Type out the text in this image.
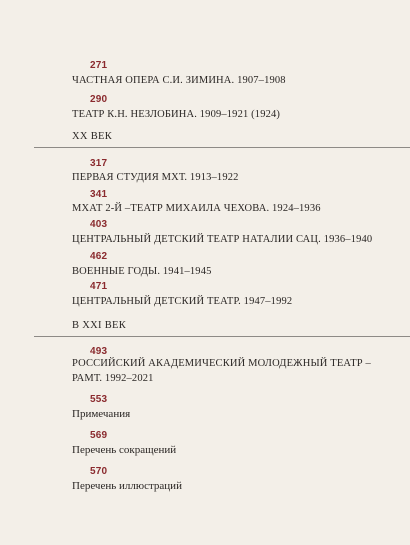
271
ЧАСТНАЯ ОПЕРА С.И. ЗИМИНА. 1907–1908
290
ТЕАТР К.Н. НЕЗЛОБИНА. 1909–1921 (1924)
XX ВЕК
317
ПЕРВАЯ СТУДИЯ МХТ. 1913–1922
341
МХАТ 2-Й –ТЕАТР МИХАИЛА ЧЕХОВА. 1924–1936
403
ЦЕНТРАЛЬНЫЙ ДЕТСКИЙ ТЕАТР НАТАЛИИ САЦ. 1936–1940
462
ВОЕННЫЕ ГОДЫ. 1941–1945
471
ЦЕНТРАЛЬНЫЙ ДЕТСКИЙ ТЕАТР. 1947–1992
В XXI ВЕК
493
РОССИЙСКИЙ АКАДЕМИЧЕСКИЙ МОЛОДЕЖНЫЙ ТЕАТР – РАМТ. 1992–2021
553
Примечания
569
Перечень сокращений
570
Перечень иллюстраций
